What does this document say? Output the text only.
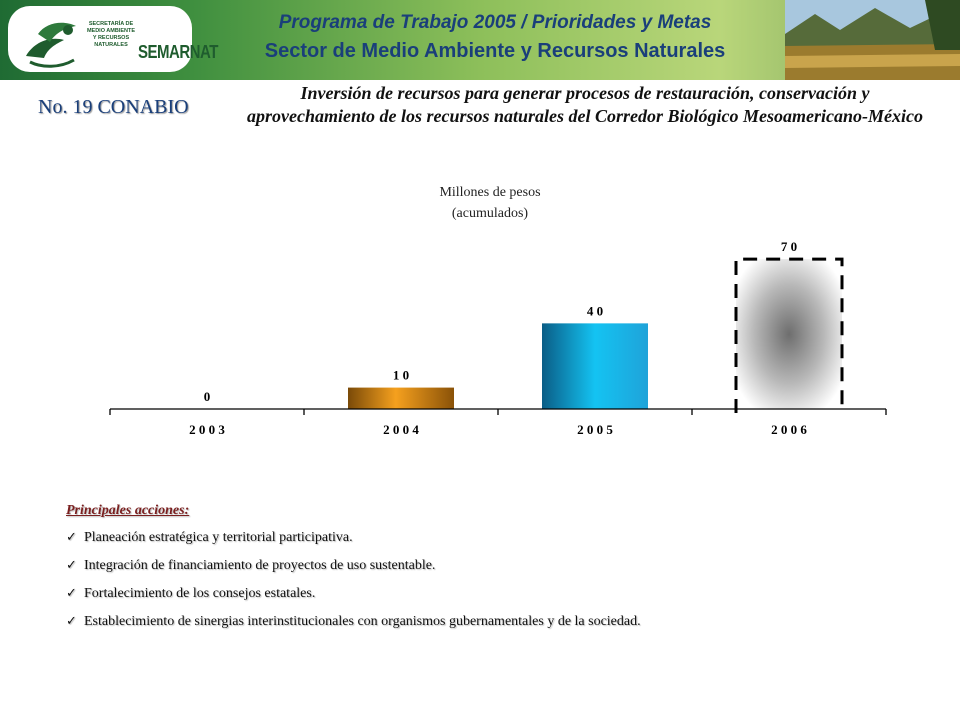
SECRETARÍA DE MEDIO AMBIENTE Y RECURSOS NATURALES SEMARNAT
Programa de Trabajo 2005 / Prioridades y Metas
Sector de Medio Ambiente y Recursos Naturales
No. 19 CONABIO
Inversión de recursos para generar procesos de restauración, conservación y aprovechamiento de los recursos naturales del Corredor Biológico Mesoamericano-México
Millones de pesos
(acumulados)
0
2 0 0 3
1 0
2 0 0 4
4 0
2 0 0 5
7 0
2 0 0 6
Principales acciones:
✓ Planeación estratégica y territorial participativa.
✓ Integración de financiamiento de proyectos de uso sustentable.
✓ Fortalecimiento de los consejos estatales.
✓ Establecimiento de sinergias interinstitucionales con organismos gubernamentales y de la sociedad.
